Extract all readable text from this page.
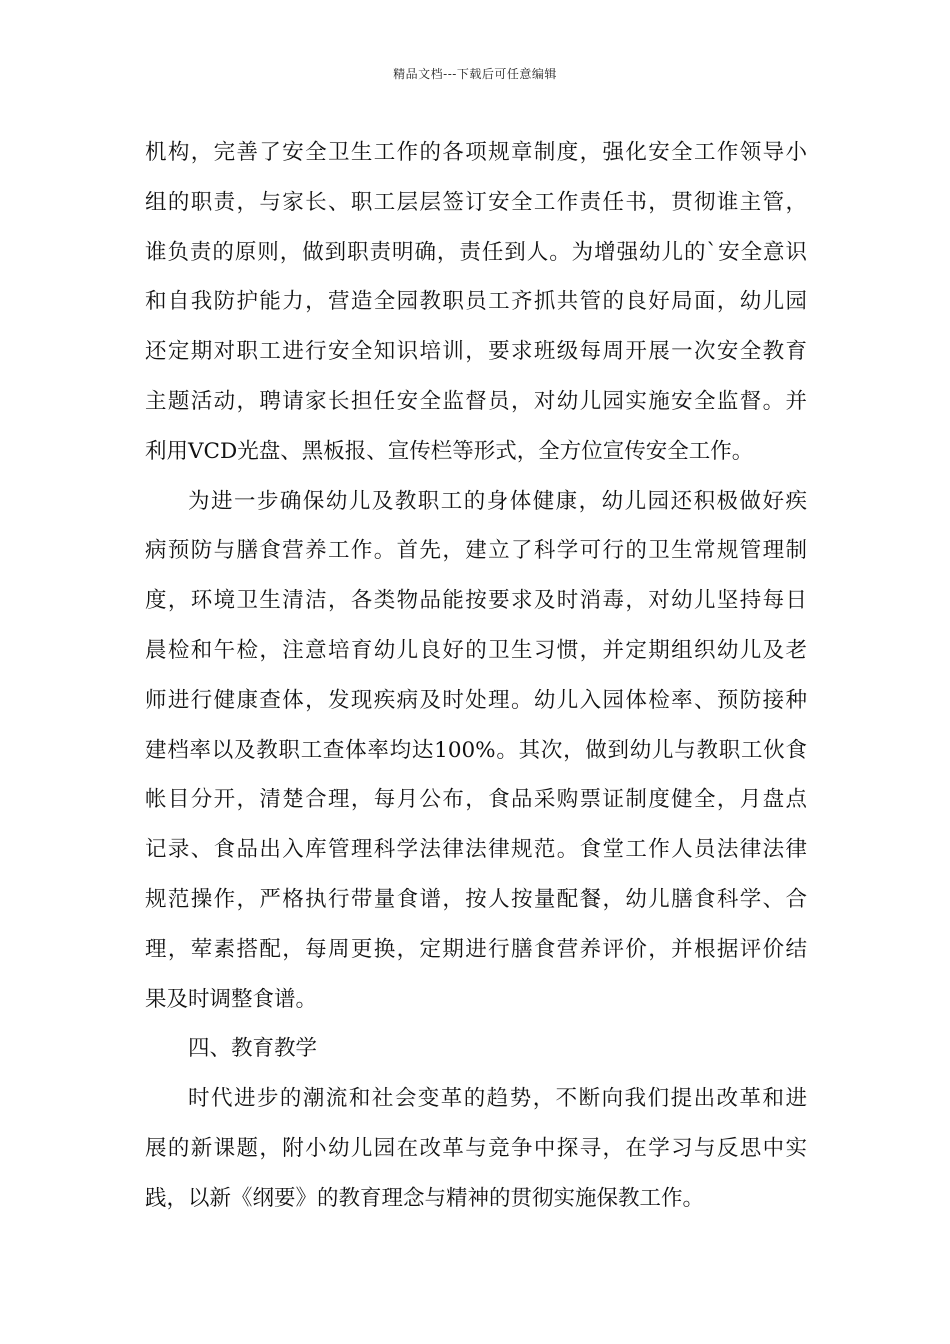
精品文档---下载后可任意编辑
机构，完善了安全卫生工作的各项规章制度，强化安全工作领导小
组的职责，与家长、职工层层签订安全工作责任书，贯彻谁主管，
谁负责的原则，做到职责明确，责任到人。为增强幼儿的`安全意识
和自我防护能力，营造全园教职员工齐抓共管的良好局面，幼儿园
还定期对职工进行安全知识培训，要求班级每周开展一次安全教育
主题活动，聘请家长担任安全监督员，对幼儿园实施安全监督。并
利用VCD光盘、黑板报、宣传栏等形式，全方位宣传安全工作。
为进一步确保幼儿及教职工的身体健康，幼儿园还积极做好疾
病预防与膳食营养工作。首先，建立了科学可行的卫生常规管理制
度，环境卫生清洁，各类物品能按要求及时消毒，对幼儿坚持每日
晨检和午检，注意培育幼儿良好的卫生习惯，并定期组织幼儿及老
师进行健康查体，发现疾病及时处理。幼儿入园体检率、预防接种
建档率以及教职工查体率均达100%。其次，做到幼儿与教职工伙食
帐目分开，清楚合理，每月公布，食品采购票证制度健全，月盘点
记录、食品出入库管理科学法律法律规范。食堂工作人员法律法律
规范操作，严格执行带量食谱，按人按量配餐，幼儿膳食科学、合
理，荤素搭配，每周更换，定期进行膳食营养评价，并根据评价结
果及时调整食谱。
四、教育教学
时代进步的潮流和社会变革的趋势，不断向我们提出改革和进
展的新课题，附小幼儿园在改革与竞争中探寻，在学习与反思中实
践，以新《纲要》的教育理念与精神的贯彻实施保教工作。
